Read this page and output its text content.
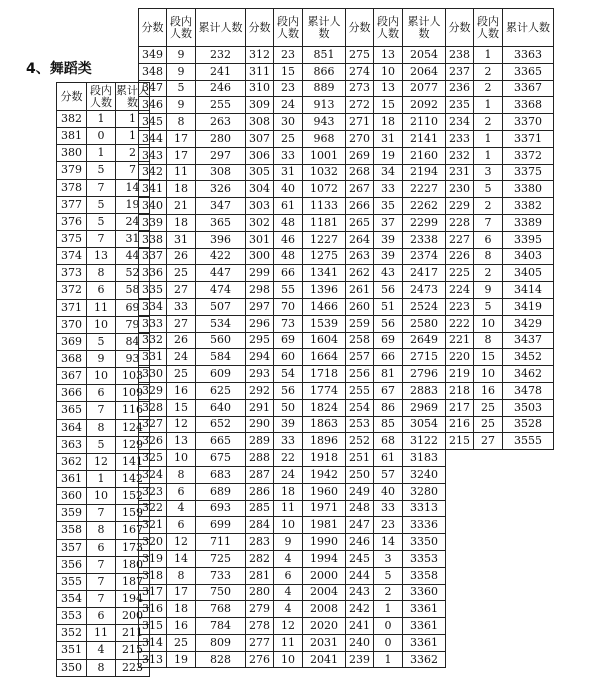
4、舞蹈类
分数	段内人数	累计人数
382	1	1
381	0	1
380	1	2
379	5	7
378	7	14
377	5	19
376	5	24
375	7	31
374	13	44
373	8	52
372	6	58
371	11	69
370	10	79
369	5	84
368	9	93
367	10	103
366	6	109
365	7	116
364	8	124
363	5	129
362	12	141
361	1	142
360	10	152
359	7	159
358	8	167
357	6	173
356	7	180
355	7	187
354	7	194
353	6	200
352	11	211
351	4	215
350	8	223
分数	段内人数	累计人数	分数	段内人数	累计人数	分数	段内人数	累计人数	分数	段内人数	累计人数
349	9	232	312	23	851	275	13	2054	238	1	3363
348	9	241	311	15	866	274	10	2064	237	2	3365
347	5	246	310	23	889	273	13	2077	236	2	3367
346	9	255	309	24	913	272	15	2092	235	1	3368
345	8	263	308	30	943	271	18	2110	234	2	3370
344	17	280	307	25	968	270	31	2141	233	1	3371
343	17	297	306	33	1001	269	19	2160	232	1	3372
342	11	308	305	31	1032	268	34	2194	231	3	3375
341	18	326	304	40	1072	267	33	2227	230	5	3380
340	21	347	303	61	1133	266	35	2262	229	2	3382
339	18	365	302	48	1181	265	37	2299	228	7	3389
338	31	396	301	46	1227	264	39	2338	227	6	3395
337	26	422	300	48	1275	263	39	2374	226	8	3403
336	25	447	299	66	1341	262	43	2417	225	2	3405
335	27	474	298	55	1396	261	56	2473	224	9	3414
334	33	507	297	70	1466	260	51	2524	223	5	3419
333	27	534	296	73	1539	259	56	2580	222	10	3429
332	26	560	295	69	1604	258	69	2649	221	8	3437
331	24	584	294	60	1664	257	66	2715	220	15	3452
330	25	609	293	54	1718	256	81	2796	219	10	3462
329	16	625	292	56	1774	255	67	2883	218	16	3478
328	15	640	291	50	1824	254	86	2969	217	25	3503
327	12	652	290	39	1863	253	85	3054	216	25	3528
326	13	665	289	33	1896	252	68	3122	215	27	3555
325	10	675	288	22	1918	251	61	3183			
324	8	683	287	24	1942	250	57	3240			
323	6	689	286	18	1960	249	40	3280			
322	4	693	285	11	1971	248	33	3313			
321	6	699	284	10	1981	247	23	3336			
320	12	711	283	9	1990	246	14	3350			
319	14	725	282	4	1994	245	3	3353			
318	8	733	281	6	2000	244	5	3358			
317	17	750	280	4	2004	243	2	3360			
316	18	768	279	4	2008	242	1	3361			
315	16	784	278	12	2020	241	0	3361			
314	25	809	277	11	2031	240	0	3361			
313	19	828	276	10	2041	239	1	3362			
